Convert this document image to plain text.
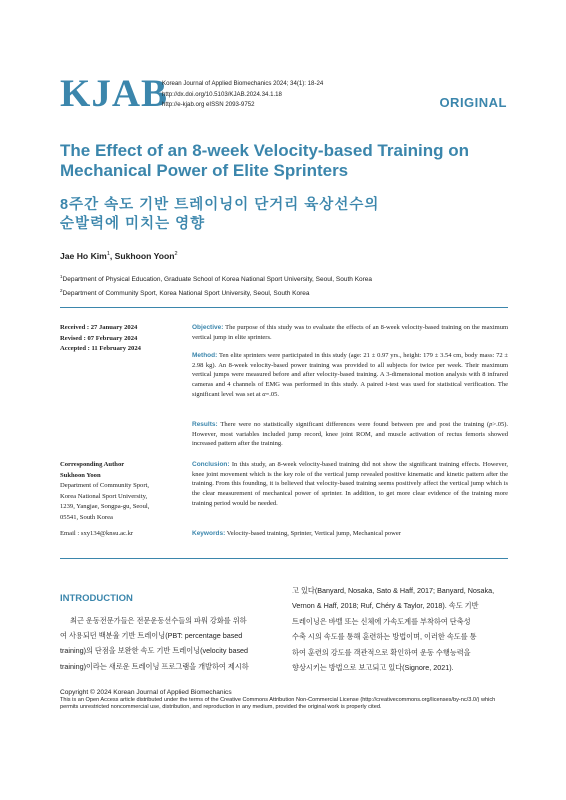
KJAB
Korean Journal of Applied Biomechanics 2024; 34(1): 18-24
http://dx.doi.org/10.5103/KJAB.2024.34.1.18
http://e-kjab.org eISSN 2093-9752	ORIGINAL
The Effect of an 8-week Velocity-based Training on
Mechanical Power of Elite Sprinters
8주간 속도 기반 트레이닝이 단거리 육상선수의
순발력에 미치는 영향
Jae Ho Kim$^1$, Sukhoon Yoon$^2$
$^1$Department of Physical Education, Graduate School of Korea National Sport University, Seoul, South Korea
$^2$Department of Community Sport, Korea National Sport University, Seoul, South Korea
Received : 27 January 2024
Revised : 07 February 2024
Accepted : 11 February 2024
Corresponding Author
Sukhoon Yoon
Department of Community Sport,
Korea National Sport University,
1239, Yangjae, Songpa-gu, Seoul,
05541, South Korea
Email : sxy134@knsu.ac.kr
Objective: The purpose of this study was to evaluate the effects of an 8-week velocity-based training on the maximum vertical jump in elite sprinters.
Method: Ten elite sprinters were participated in this study (age: 21 ± 0.97 yrs., height: 179 ± 3.54 cm, body mass: 72 ± 2.98 kg). An 8-week velocity-based power training was provided to all subjects for twice per week. Their maximum vertical jumps were measured before and after velocity-based training. A 3-dimensional motion analysis with 8 infrared cameras and 4 channels of EMG was performed in this study. A paired t-test was used for statistical verification. The significant level was set at α=.05.
Results: There were no statistically significant differences were found between pre and post the training (p>.05). However, most variables included jump record, knee joint ROM, and muscle activation of rectus femoris showed increased pattern after the training.
Conclusion: In this study, an 8-week velocity-based training did not show the significant training effects. However, knee joint movement which is the key role of the vertical jump revealed positive kinematic and kinetic pattern after the training. From this founding, it is believed that velocity-based training seems positively affect the vertical jump which is the clear measurement of mechanical power of sprinter. In addition, to get more clear evidence of the training more training period would be needed.
Keywords: Velocity-based training, Sprinter, Vertical jump, Mechanical power
INTRODUCTION
최근 운동전문가들은 전문운동선수들의 파워 강화를 위하
여 사용되던 백분율 기반 트레이닝(PBT: percentage based
training)의 단점을 보완한 속도 기반 트레이닝(velocity based
training)이라는 새로운 트레이닝 프로그램을 개발하여 제시하
고 있다(Banyard, Nosaka, Sato & Haff, 2017; Banyard, Nosaka,
Vernon & Haff, 2018; Ruf, Chéry & Taylor, 2018). 속도 기반
트레이닝은 바벨 또는 신체에 가속도계를 부착하여 단축성
수축 시의 속도를 통해 훈련하는 방법이며, 이러한 속도를 통
하여 훈련의 강도를 객관적으로 확인하여 운동 수행능력을
향상시키는 방법으로 보고되고 있다(Signore, 2021).
Copyright © 2024 Korean Journal of Applied Biomechanics
This is an Open Access article distributed under the terms of the Creative Commons Attribution Non-Commercial License (http://creativecommons.org/licenses/by-nc/3.0/) which permits unrestricted noncommercial use, distribution, and reproduction in any medium, provided the original work is properly cited.
